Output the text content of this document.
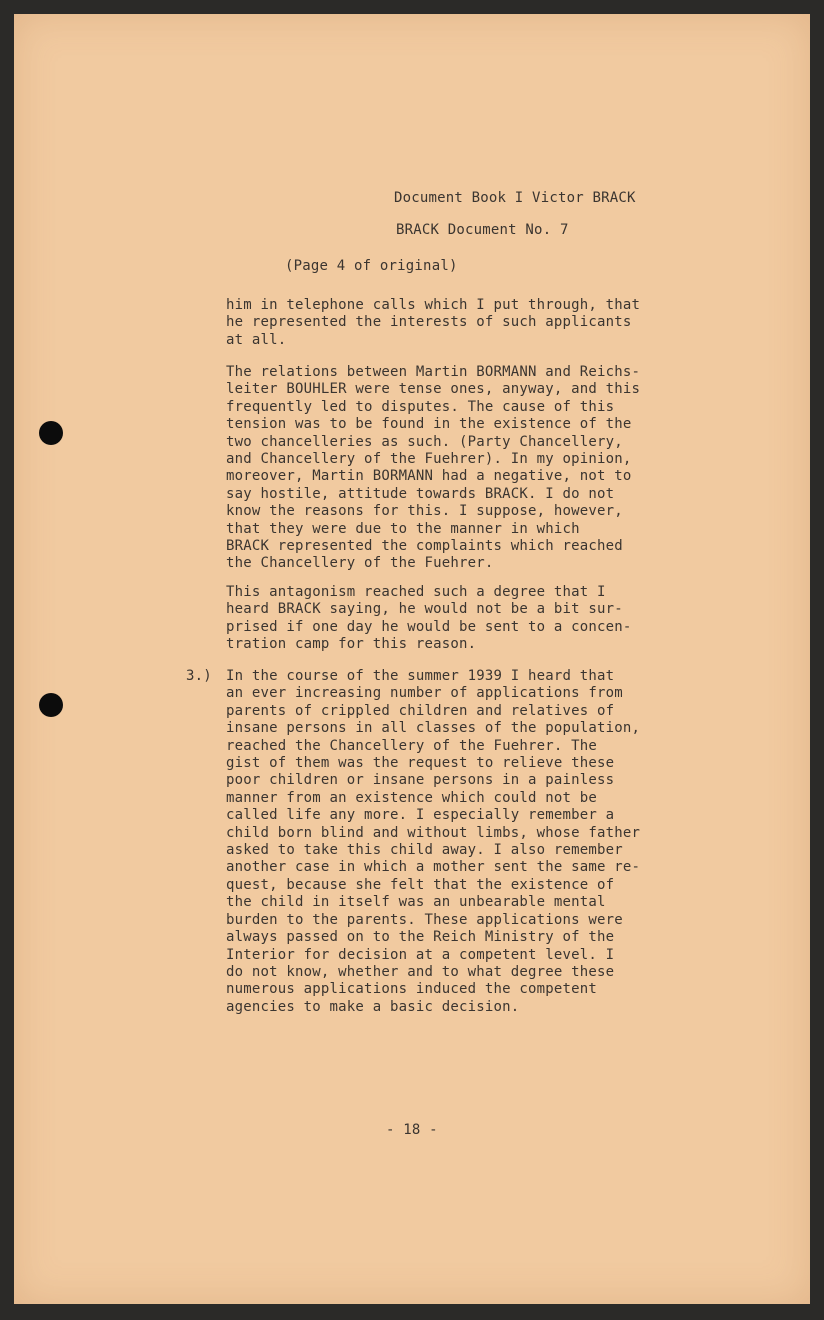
Document Book I Victor BRACK
BRACK Document No. 7
(Page 4 of original)
him in telephone calls which I put through, that
he represented the interests of such applicants
at all.
The relations between Martin BORMANN and Reichs-
leiter BOUHLER were tense ones, anyway, and this
frequently led to disputes. The cause of this
tension was to be found in the existence of the
two chancelleries as such. (Party Chancellery,
and Chancellery of the Fuehrer). In my opinion,
moreover, Martin BORMANN had a negative, not to
say hostile, attitude towards BRACK. I do not
know the reasons for this. I suppose, however,
that they were due to the manner in which
BRACK represented the complaints which reached
the Chancellery of the Fuehrer.
This antagonism reached such a degree that I
heard BRACK saying, he would not be a bit sur-
prised if one day he would be sent to a concen-
tration camp for this reason.
3.) In the course of the summer 1939 I heard that
an ever increasing number of applications from
parents of crippled children and relatives of
insane persons in all classes of the population,
reached the Chancellery of the Fuehrer. The
gist of them was the request to relieve these
poor children or insane persons in a painless
manner from an existence which could not be
called life any more. I especially remember a
child born blind and without limbs, whose father
asked to take this child away. I also remember
another case in which a mother sent the same re-
quest, because she felt that the existence of
the child in itself was an unbearable mental
burden to the parents. These applications were
always passed on to the Reich Ministry of the
Interior for decision at a competent level. I
do not know, whether and to what degree these
numerous applications induced the competent
agencies to make a basic decision.
- 18 -
